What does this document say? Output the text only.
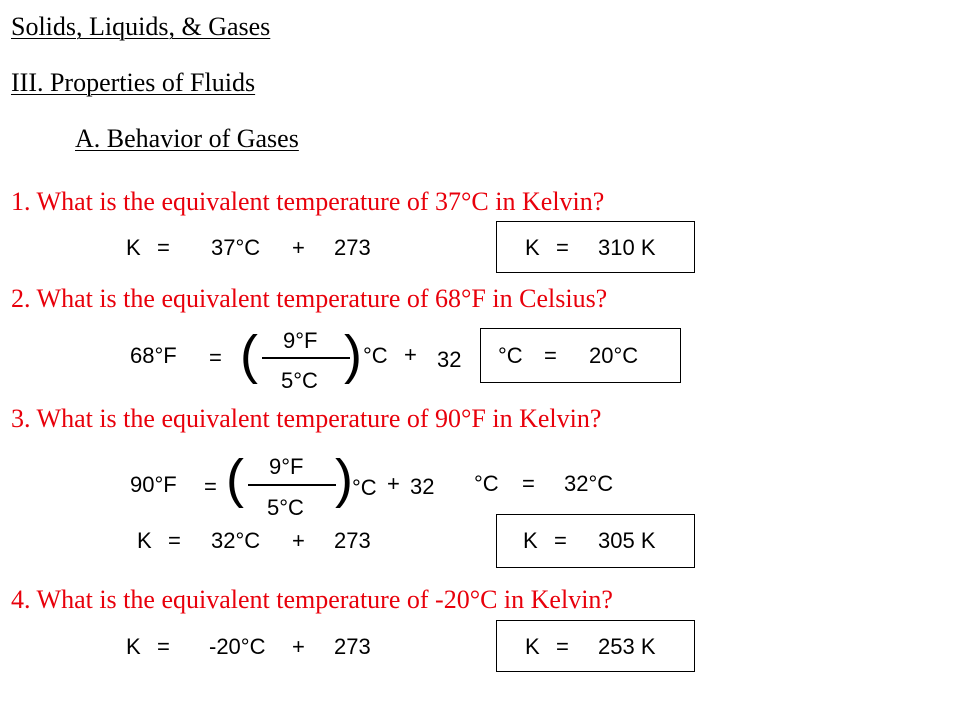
Solids, Liquids, & Gases
III. Properties of Fluids
A. Behavior of Gases
1. What is the equivalent temperature of 37°C in Kelvin?
K = 37°C + 273	K = 310 K
2. What is the equivalent temperature of 68°F in Celsius?
68°F = ( 9°F
5°C ) °C + 32 °C = 20°C
3. What is the equivalent temperature of 90°F in Kelvin?
90°F = ( 9°F
5°C ) °C + 32 °C = 32°C
K = 32°C + 273	K = 305 K
4. What is the equivalent temperature of -20°C in Kelvin?
K = -20°C + 273	K = 253 K
